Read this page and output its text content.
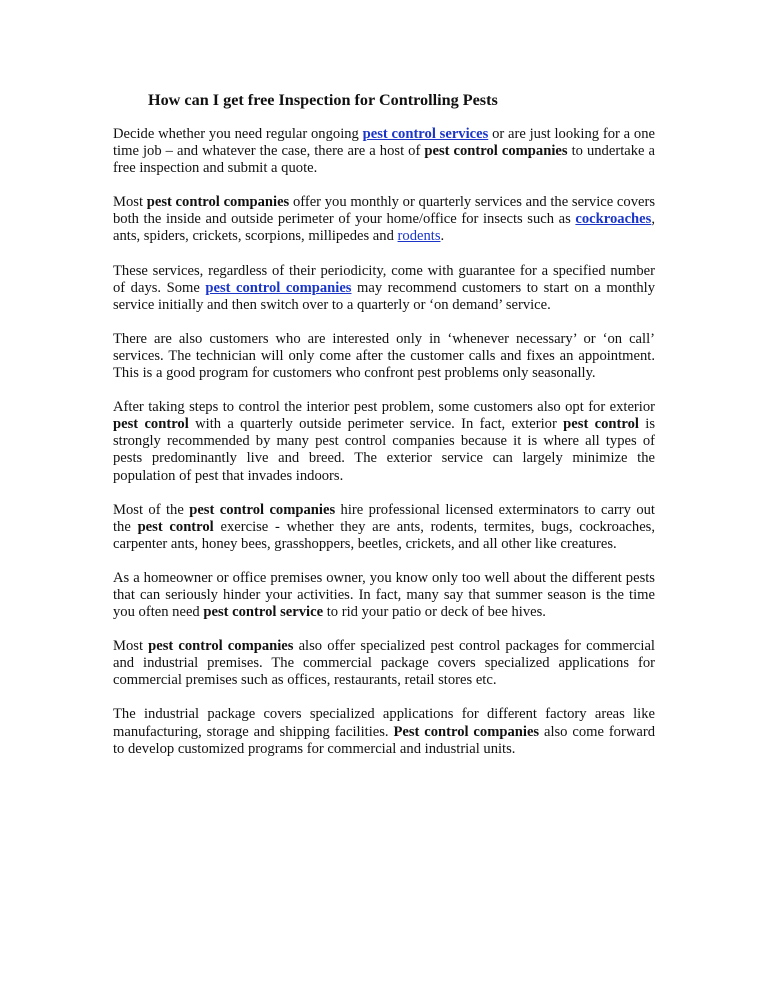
How can I get free Inspection for Controlling Pests

Decide whether you need regular ongoing pest control services or are just looking for a one time job – and whatever the case, there are a host of pest control companies to undertake a free inspection and submit a quote.

Most pest control companies offer you monthly or quarterly services and the service covers both the inside and outside perimeter of your home/office for insects such as cockroaches, ants, spiders, crickets, scorpions, millipedes and rodents.

These services, regardless of their periodicity, come with guarantee for a specified number of days. Some pest control companies may recommend customers to start on a monthly service initially and then switch over to a quarterly or ‘on demand’ service.

There are also customers who are interested only in ‘whenever necessary’ or ‘on call’ services. The technician will only come after the customer calls and fixes an appointment. This is a good program for customers who confront pest problems only seasonally.

After taking steps to control the interior pest problem, some customers also opt for exterior pest control with a quarterly outside perimeter service. In fact, exterior pest control is strongly recommended by many pest control companies because it is where all types of pests predominantly live and breed. The exterior service can largely minimize the population of pest that invades indoors.

Most of the pest control companies hire professional licensed exterminators to carry out the pest control exercise - whether they are ants, rodents, termites, bugs, cockroaches, carpenter ants, honey bees, grasshoppers, beetles, crickets, and all other like creatures.

As a homeowner or office premises owner, you know only too well about the different pests that can seriously hinder your activities. In fact, many say that summer season is the time you often need pest control service to rid your patio or deck of bee hives.

Most pest control companies also offer specialized pest control packages for commercial and industrial premises. The commercial package covers specialized applications for commercial premises such as offices, restaurants, retail stores etc.

The industrial package covers specialized applications for different factory areas like manufacturing, storage and shipping facilities. Pest control companies also come forward to develop customized programs for commercial and industrial units.
